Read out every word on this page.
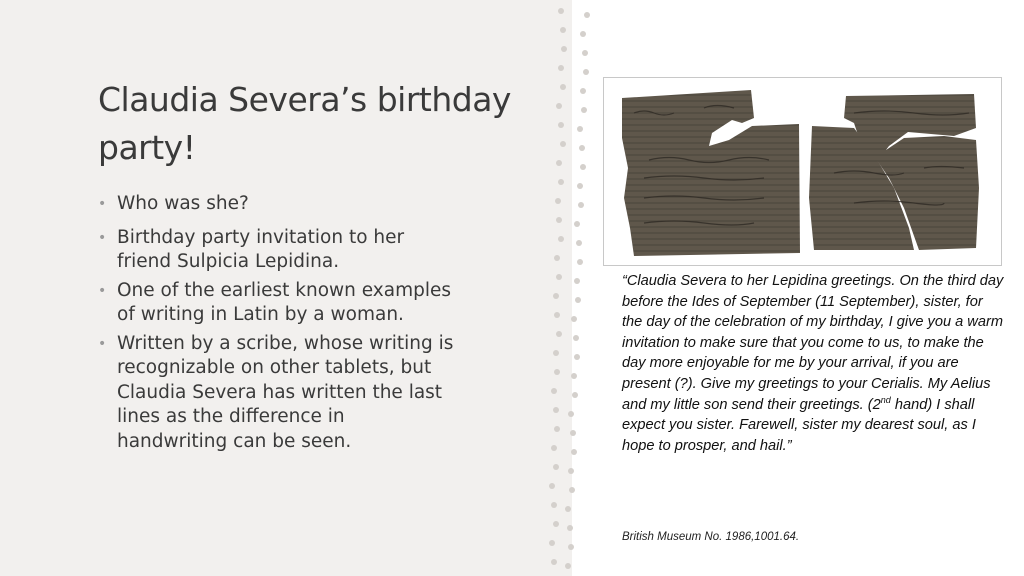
Claudia Severa’s birthday party!
• Who was she?
• Birthday party invitation to her friend Sulpicia Lepidina.
• One of the earliest known examples of writing in Latin by a woman.
• Written by a scribe, whose writing is recognizable on other tablets, but Claudia Severa has written the last lines as the difference in handwriting can be seen.

“Claudia Severa to her Lepidina greetings. On the third day before the Ides of September (11 September), sister, for the day of the celebration of my birthday, I give you a warm invitation to make sure that you come to us, to make the day more enjoyable for me by your arrival, if you are present (?). Give my greetings to your Cerialis. My Aelius and my little son send their greetings. (2nd hand) I shall expect you sister. Farewell, sister my dearest soul, as I hope to prosper, and hail.”

British Museum No. 1986,1001.64.
